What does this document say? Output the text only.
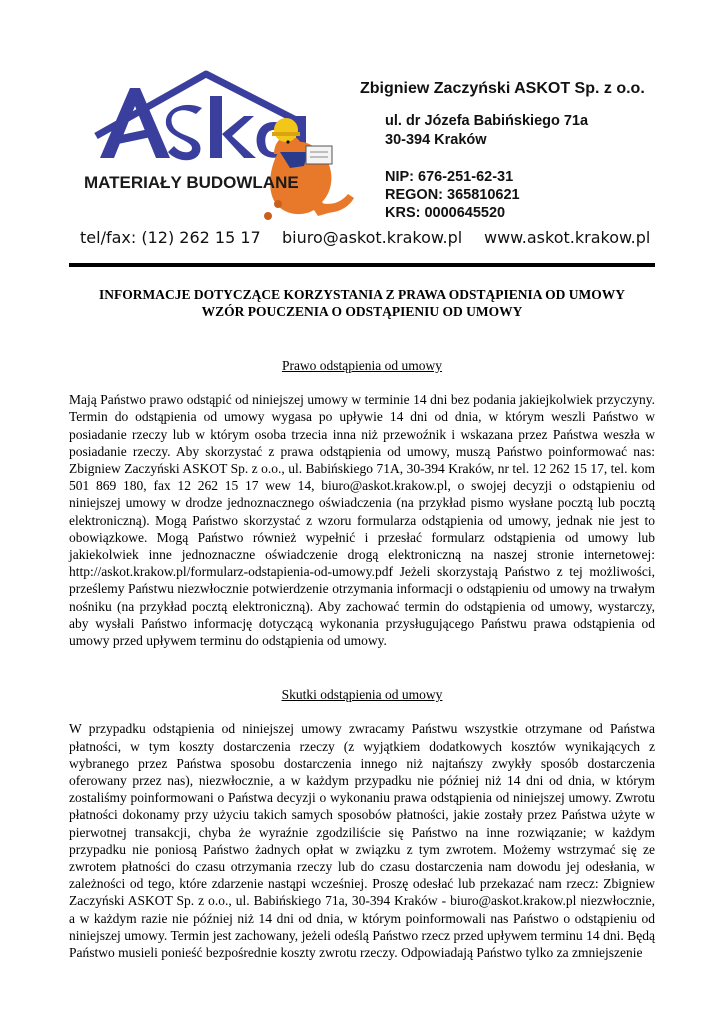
MATERIAŁY BUDOWLANE
Zbigniew Zaczyński ASKOT Sp. z o.o.
ul. dr Józefa Babińskiego 71a
30-394 Kraków
NIP: 676-251-62-31
REGON: 365810621
KRS: 0000645520
tel/fax: (12) 262 15 17 biuro@askot.krakow.pl www.askot.krakow.pl
INFORMACJE DOTYCZĄCE KORZYSTANIA Z PRAWA ODSTĄPIENIA OD UMOWY
WZÓR POUCZENIA O ODSTĄPIENIU OD UMOWY
Prawo odstąpienia od umowy
Mają Państwo prawo odstąpić od niniejszej umowy w terminie 14 dni bez podania jakiejkolwiek przyczyny. Termin do odstąpienia od umowy wygasa po upływie 14 dni od dnia, w którym weszli Państwo w posiadanie rzeczy lub w którym osoba trzecia inna niż przewoźnik i wskazana przez Państwa weszła w posiadanie rzeczy. Aby skorzystać z prawa odstąpienia od umowy, muszą Państwo poinformować nas: Zbigniew Zaczyński ASKOT Sp. z o.o., ul. Babińskiego 71A, 30-394 Kraków, nr tel. 12 262 15 17, tel. kom 501 869 180, fax 12 262 15 17 wew 14, biuro@askot.krakow.pl, o swojej decyzji o odstąpieniu od niniejszej umowy w drodze jednoznacznego oświadczenia (na przykład pismo wysłane pocztą lub pocztą elektroniczną). Mogą Państwo skorzystać z wzoru formularza odstąpienia od umowy, jednak nie jest to obowiązkowe. Mogą Państwo również wypełnić i przesłać formularz odstąpienia od umowy lub jakiekolwiek inne jednoznaczne oświadczenie drogą elektroniczną na naszej stronie internetowej: http://askot.krakow.pl/formularz-odstapienia-od-umowy.pdf Jeżeli skorzystają Państwo z tej możliwości, prześlemy Państwu niezwłocznie potwierdzenie otrzymania informacji o odstąpieniu od umowy na trwałym nośniku (na przykład pocztą elektroniczną). Aby zachować termin do odstąpienia od umowy, wystarczy, aby wysłali Państwo informację dotyczącą wykonania przysługującego Państwu prawa odstąpienia od umowy przed upływem terminu do odstąpienia od umowy.
Skutki odstąpienia od umowy
W przypadku odstąpienia od niniejszej umowy zwracamy Państwu wszystkie otrzymane od Państwa płatności, w tym koszty dostarczenia rzeczy (z wyjątkiem dodatkowych kosztów wynikających z wybranego przez Państwa sposobu dostarczenia innego niż najtańszy zwykły sposób dostarczenia oferowany przez nas), niezwłocznie, a w każdym przypadku nie później niż 14 dni od dnia, w którym zostaliśmy poinformowani o Państwa decyzji o wykonaniu prawa odstąpienia od niniejszej umowy. Zwrotu płatności dokonamy przy użyciu takich samych sposobów płatności, jakie zostały przez Państwa użyte w pierwotnej transakcji, chyba że wyraźnie zgodziliście się Państwo na inne rozwiązanie; w każdym przypadku nie poniosą Państwo żadnych opłat w związku z tym zwrotem. Możemy wstrzymać się ze zwrotem płatności do czasu otrzymania rzeczy lub do czasu dostarczenia nam dowodu jej odesłania, w zależności od tego, które zdarzenie nastąpi wcześniej. Proszę odesłać lub przekazać nam rzecz: Zbigniew Zaczyński ASKOT Sp. z o.o., ul. Babińskiego 71a, 30-394 Kraków - biuro@askot.krakow.pl niezwłocznie, a w każdym razie nie później niż 14 dni od dnia, w którym poinformowali nas Państwo o odstąpieniu od niniejszej umowy. Termin jest zachowany, jeżeli odeślą Państwo rzecz przed upływem terminu 14 dni. Będą Państwo musieli ponieść bezpośrednie koszty zwrotu rzeczy. Odpowiadają Państwo tylko za zmniejszenie
